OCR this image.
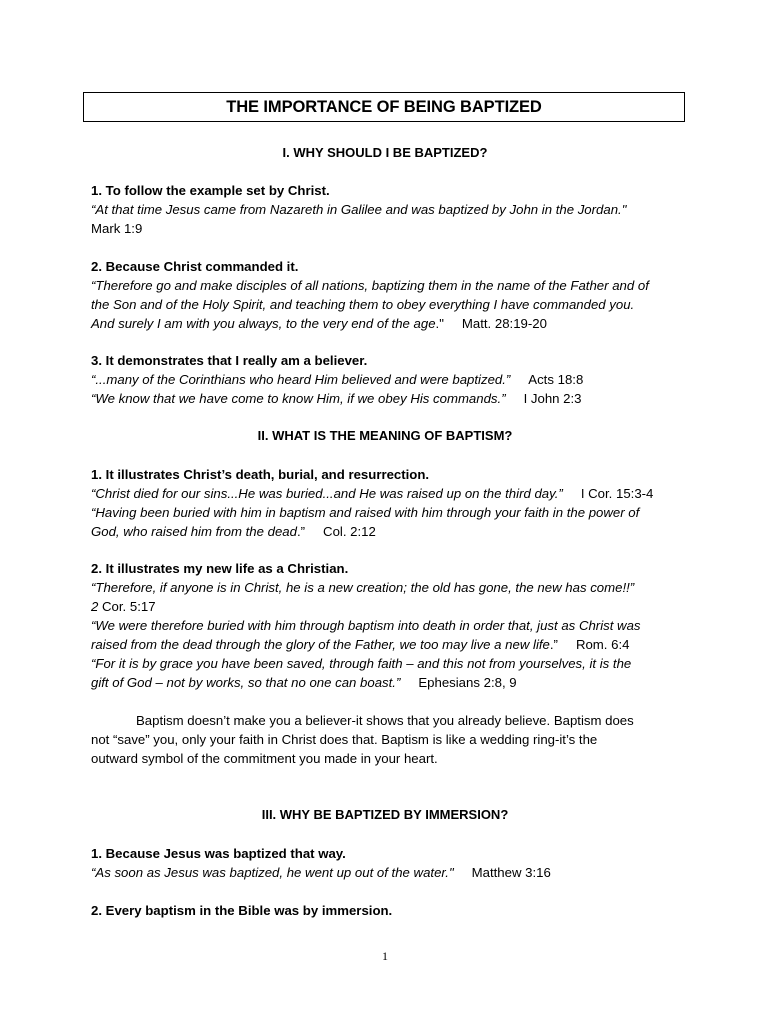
THE IMPORTANCE OF BEING BAPTIZED
I. WHY SHOULD I BE BAPTIZED?
1. To follow the example set by Christ.
“At that time Jesus came from Nazareth in Galilee and was baptized by John in the Jordan."
Mark 1:9
2. Because Christ commanded it.
“Therefore go and make disciples of all nations, baptizing them in the name of the Father and of
the Son and of the Holy Spirit, and teaching them to obey everything I have commanded you.
And surely I am with you always, to the very end of the age." Matt. 28:19-20
3. It demonstrates that I really am a believer.
“...many of the Corinthians who heard Him believed and were baptized.” Acts 18:8
“We know that we have come to know Him, if we obey His commands.” I John 2:3
II. WHAT IS THE MEANING OF BAPTISM?
1. It illustrates Christ’s death, burial, and resurrection.
“Christ died for our sins...He was buried...and He was raised up on the third day.” I Cor. 15:3-4
“Having been buried with him in baptism and raised with him through your faith in the power of
God, who raised him from the dead.” Col. 2:12
2. It illustrates my new life as a Christian.
“Therefore, if anyone is in Christ, he is a new creation; the old has gone, the new has come!!”
2 Cor. 5:17
“We were therefore buried with him through baptism into death in order that, just as Christ was
raised from the dead through the glory of the Father, we too may live a new life.” Rom. 6:4
“For it is by grace you have been saved, through faith – and this not from yourselves, it is the
gift of God – not by works, so that no one can boast.” Ephesians 2:8, 9
Baptism doesn’t make you a believer-it shows that you already believe. Baptism does
not “save” you, only your faith in Christ does that. Baptism is like a wedding ring-it’s the
outward symbol of the commitment you made in your heart.
III. WHY BE BAPTIZED BY IMMERSION?
1. Because Jesus was baptized that way.
“As soon as Jesus was baptized, he went up out of the water." Matthew 3:16
2. Every baptism in the Bible was by immersion.
1
